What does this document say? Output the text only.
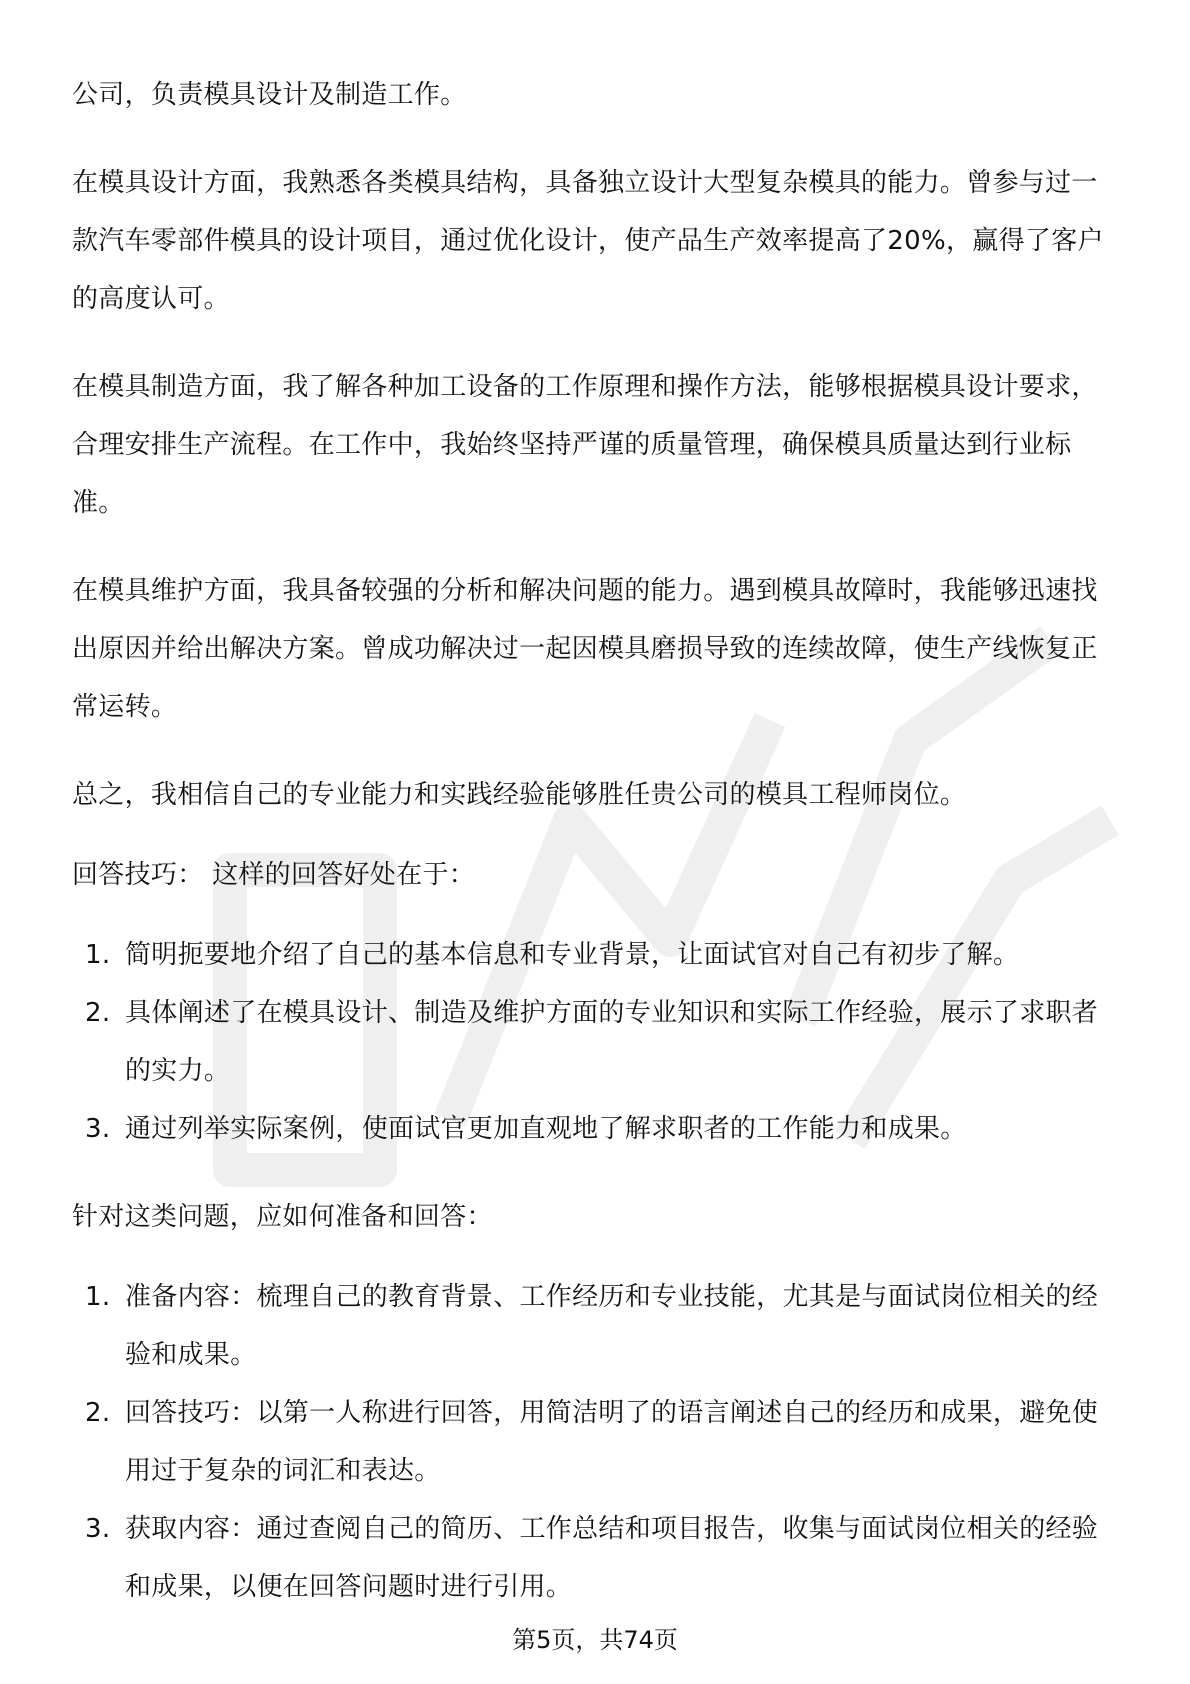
公司，负责模具设计及制造工作。

在模具设计方面，我熟悉各类模具结构，具备独立设计大型复杂模具的能力。曾参与过一款汽车零部件模具的设计项目，通过优化设计，使产品生产效率提高了20%，赢得了客户的高度认可。

在模具制造方面，我了解各种加工设备的工作原理和操作方法，能够根据模具设计要求，合理安排生产流程。在工作中，我始终坚持严谨的质量管理，确保模具质量达到行业标准。

在模具维护方面，我具备较强的分析和解决问题的能力。遇到模具故障时，我能够迅速找出原因并给出解决方案。曾成功解决过一起因模具磨损导致的连续故障，使生产线恢复正常运转。

总之，我相信自己的专业能力和实践经验能够胜任贵公司的模具工程师岗位。

回答技巧： 这样的回答好处在于：

1. 简明扼要地介绍了自己的基本信息和专业背景，让面试官对自己有初步了解。
2. 具体阐述了在模具设计、制造及维护方面的专业知识和实际工作经验，展示了求职者的实力。
3. 通过列举实际案例，使面试官更加直观地了解求职者的工作能力和成果。

针对这类问题，应如何准备和回答：

1. 准备内容：梳理自己的教育背景、工作经历和专业技能，尤其是与面试岗位相关的经验和成果。
2. 回答技巧：以第一人称进行回答，用简洁明了的语言阐述自己的经历和成果，避免使用过于复杂的词汇和表达。
3. 获取内容：通过查阅自己的简历、工作总结和项目报告，收集与面试岗位相关的经验和成果，以便在回答问题时进行引用。
第5页，共74页
